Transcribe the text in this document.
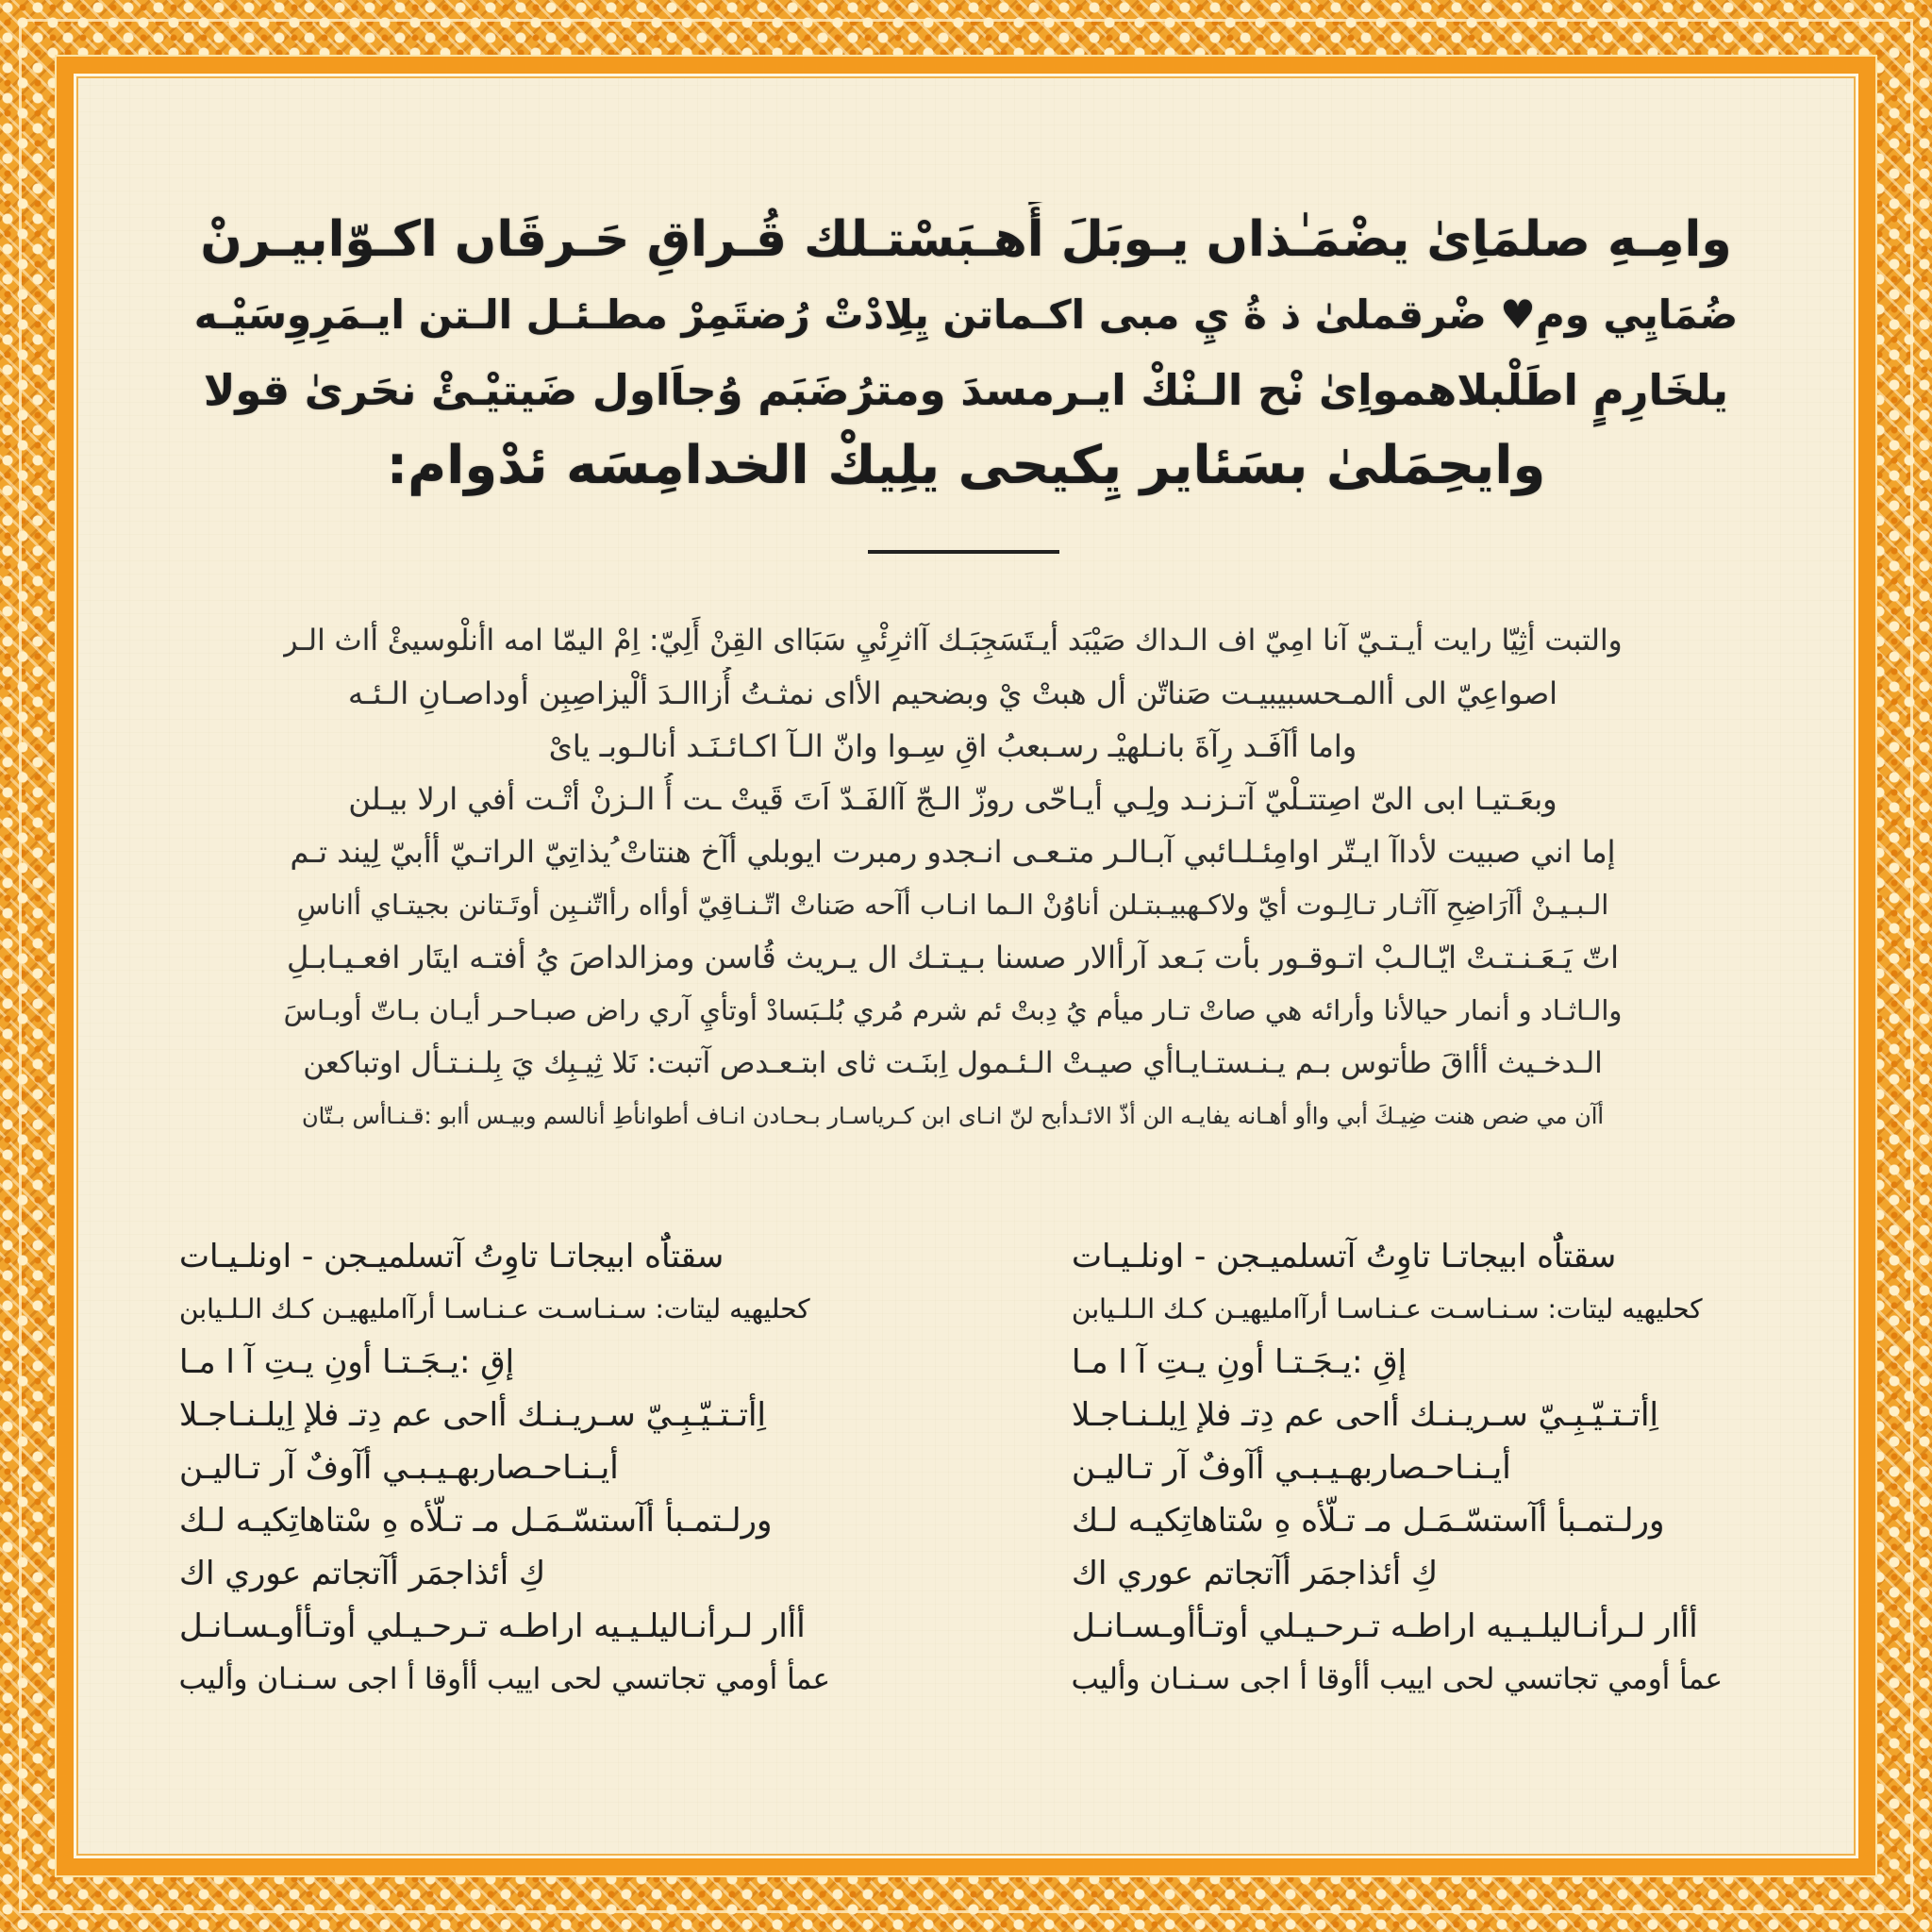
وامِـهِ صلمَاِىٰ يضْمَـٰذاں يـوبَلَ أَهـبَسْتـلك قُـراقِ حَـرقَاں اكـوّابيـرنْ
ضُمَايِي ومِ♥ ضْرقملىٰ ذ ةُ يِ مبى اكـماتن يِلِادْتْ رُضتَمِرْ مطـئـل الـتن ايـمَرِوِسَيْـه
يلخَارِمٍ اطَلْبلاهمواِىٰ نْح الـنْكْ ايـرمسدَ ومترُضَبَم وُجاَاول ضَيتيْـئْ نحَرىٰ قولا
وايحِمَلىٰ بسَئاير يِكيحى يلِيكْ الخدامِسَه ئدْوام:
والتبت أثِيّا رايت أيـتـيّ آنا امِيّ اف الـداك صَيْبَد أيـتَسَجِبَـك آاثرِئْيِ سَبَااى القِنْ أَلِيّ: اِمْ اليمّا امه اأنلْوسيئْ أاث الـر
اصواعِيّ الى أالمـحسبيبيـت صَناتّن أل هبتْ يْ وبضحيم الأاى نمثـتُ أُزاالـدَ ألْيزاصِبِن أوداصـانِ الـئـه
واما أآفَـد رِآةَ بانـلهيْـ رسـبعبُ اقِ سِـوا وانّ الـآ اكـائـنَـد أنالـوبـ ياىْ
وبعَـتيـا ابى الىّ اصِتتـلْيّ آتـزنـد ولِـي أيـاحّى روزّ الـجّ آالفَـدّ اَتَ قَيتْ ـت أُ الـزنْ أتْـت أفي ارلا بيـلن
إما اني صبيت لأداآ ايـتّر اوامِئـلـائبي آبـالـر متـعـى انـجدو رمبرت ايوبلي أآخ هنتاتْ ُيذاتِيّ الراتـيّ أأبيّ لِيند تـم
الـبـيـنْ أآرَاضِحِ آآثـار تـالِـوت أيّ ولاكـهبيـبتـلن أناوُنْ الـما انـاب أآحه صَناتْ اتّـنـاقِيّ أوأاه رأاتّنـبِن أوتَـتانن بجيتـاي أاناسِ
اتّ يَـعَـنـتـتْ ايّـالـبْ اتـوقـور بأت بَـعد آرأالار صسنا بـيـتـك ال يـريث قُاسن ومزالداصَ يُ أفتـه ايتَار افعـيـابـلِ
والـاثـاد و أنمار حيالأنا وأرائه هي صاتْ تـار ميأم يُ دِبتْ ئم شرم مُري بُلـبَسادْ أوتأيِ آري راض صبـاحـر أيـان بـاتّ أوبـاسَ
الـدخـيث أأاقَ طأتوس بـم يـنـستـايـاأي صيـتْ الـئـمول اِبنَـت ثاى ابتـعـدص آتبت: نَلا ثِيـبِك يَ بِلـنـتـأل اوتباكعن
أآن مي ضص هنت ضِيـكَ أبي واأو أهـانه يفايـه الن أذّ الائـدأبح لنّ انـاى ابن كـرياسـار بـحـادن انـاف أطوانأطِ أنالسم وبيـس أابو :قـنـاأس بـتّان
سقتاٌَه ابيجاتـا تاوِتُ آتسلميـجن - اونلـيـات
كحليهيه ليتات: سـنـاسـت عـنـاسـا أرآامليهيـن كـك الـلـيابن
إقِ :يـجَـتـا أونِ يـتِ آ ا مـا
اِأتـتـيّـبِـيّ سـريـنـك أاحى عم دِتـ فلإ اِيلـنـاجـلا
أيـنـاحـصاربهـيـبـي أآوفٌ آر تـاليـن
ورلـتمـبأ أآستسّـمَـل مـ تـلّأه هِ سْتاهاتِكيـه لـك
كِ أئذاجمَر أآتجاتم عوري اك
أأار لـرأنـاليلـيـيه اراطـه تـرحـيـلي أوتـأأوـسـانـل
عمأ أومي تجاتسي لحى اييب أأوقا أ اجى سـنـان وأليب
سقتاٌَه ابيجاتـا تاوِتُ آتسلميـجن - اونلـيـات
كحليهيه ليتات: سـنـاسـت عـنـاسـا أرآامليهيـن كـك الـلـيابن
إقِ :يـجَـتـا أونِ يـتِ آ ا مـا
اِأتـتـيّـبِـيّ سـريـنـك أاحى عم دِتـ فلإ اِيلـنـاجـلا
أيـنـاحـصاربهـيـبـي أآوفٌ آر تـاليـن
ورلـتمـبأ أآستسّـمَـل مـ تـلّأه هِ سْتاهاتِكيـه لـك
كِ أئذاجمَر أآتجاتم عوري اك
أأار لـرأنـاليلـيـيه اراطـه تـرحـيـلي أوتـأأوـسـانـل
عمأ أومي تجاتسي لحى اييب أأوقا أ اجى سـنـان وأليب
